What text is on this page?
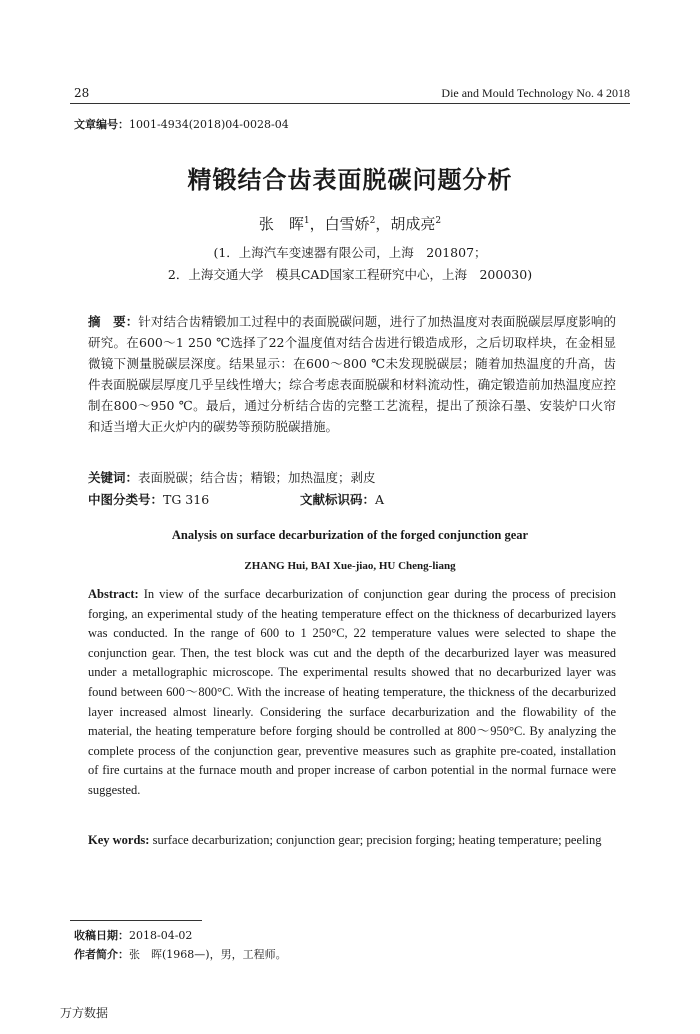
28	Die and Mould Technology No. 4 2018
文章编号：1001-4934(2018)04-0028-04
精锻结合齿表面脱碳问题分析
张　晖$^1$，白雪娇$^2$，胡成亮$^2$
(1．上海汽车变速器有限公司，上海　201807；
2．上海交通大学　模具CAD国家工程研究中心，上海　200030)
摘　要：针对结合齿精锻加工过程中的表面脱碳问题，进行了加热温度对表面脱碳层厚度影响的研究。在600～1 250 ℃选择了22个温度值对结合齿进行锻造成形，之后切取样块，在金相显微镜下测量脱碳层深度。结果显示：在600～800 ℃未发现脱碳层；随着加热温度的升高，齿件表面脱碳层厚度几乎呈线性增大；综合考虑表面脱碳和材料流动性，确定锻造前加热温度应控制在800～950 ℃。最后，通过分析结合齿的完整工艺流程，提出了预涂石墨、安装炉口火帘和适当增大正火炉内的碳势等预防脱碳措施。
关键词：表面脱碳；结合齿；精锻；加热温度；剥皮
中图分类号：TG 316	文献标识码：A
Analysis on surface decarburization of the forged conjunction gear
ZHANG Hui, BAI Xue-jiao, HU Cheng-liang
Abstract: In view of the surface decarburization of conjunction gear during the process of precision forging, an experimental study of the heating temperature effect on the thickness of decarburized layers was conducted. In the range of 600 to 1 250°C, 22 temperature values were selected to shape the conjunction gear. Then, the test block was cut and the depth of the decarburized layer was measured under a metallographic microscope. The experimental results showed that no decarburized layer was found between 600～800°C. With the increase of heating temperature, the thickness of the decarburized layer increased almost linearly. Considering the surface decarburization and the flowability of the material, the heating temperature before forging should be controlled at 800～950°C. By analyzing the complete process of the conjunction gear, preventive measures such as graphite pre-coated, installation of fire curtains at the furnace mouth and proper increase of carbon potential in the normal furnace were suggested.
Key words: surface decarburization; conjunction gear; precision forging; heating temperature; peeling
收稿日期：2018-04-02
作者简介：张　晖(1968—)，男，工程师。
万方数据
